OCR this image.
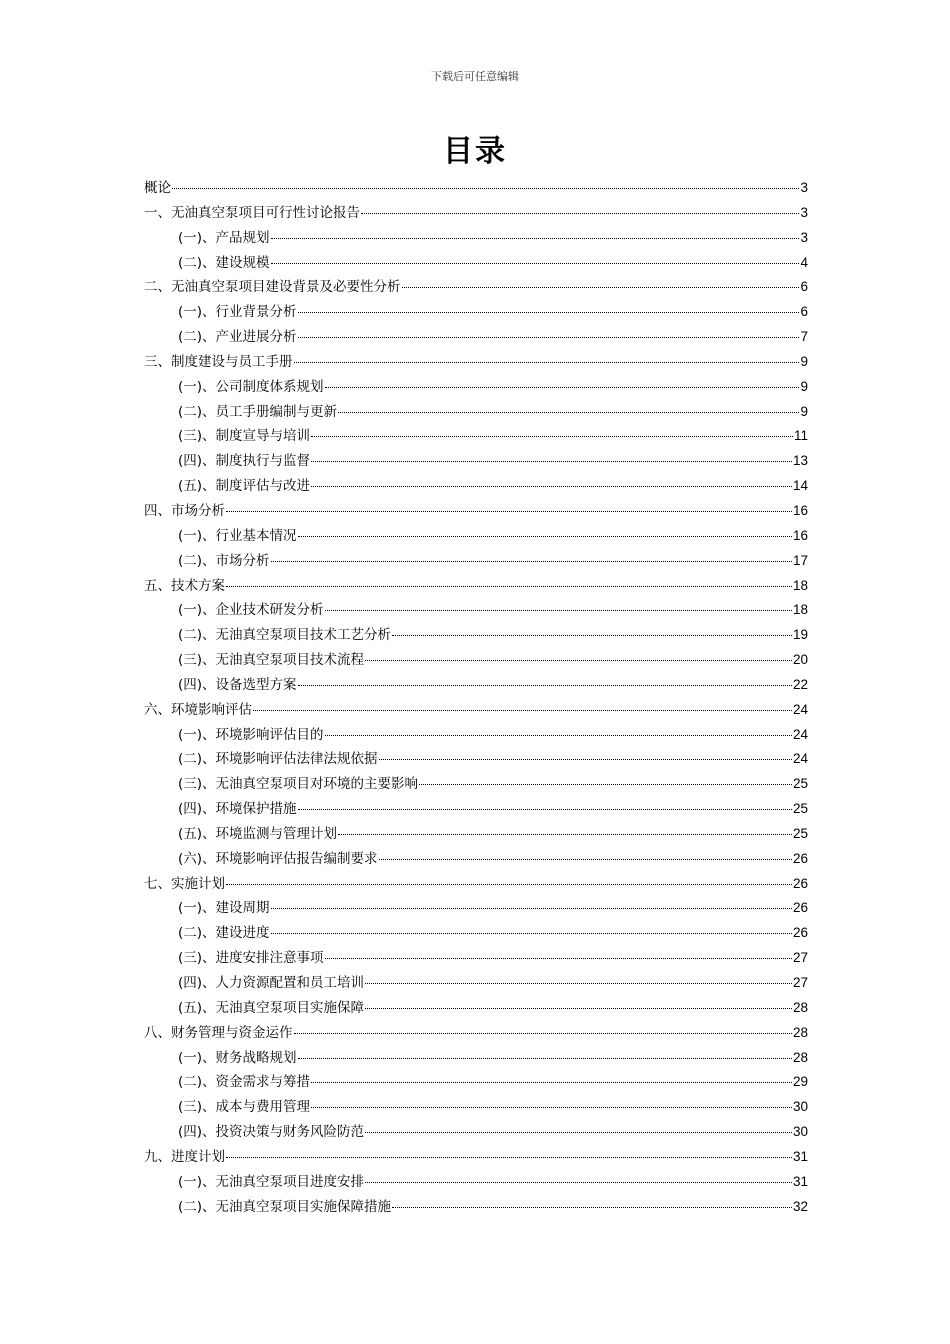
下载后可任意编辑
目录
概论	3
一、无油真空泵项目可行性讨论报告	3
(一)、产品规划	3
(二)、建设规模	4
二、无油真空泵项目建设背景及必要性分析	6
(一)、行业背景分析	6
(二)、产业进展分析	7
三、制度建设与员工手册	9
(一)、公司制度体系规划	9
(二)、员工手册编制与更新	9
(三)、制度宣导与培训	11
(四)、制度执行与监督	13
(五)、制度评估与改进	14
四、市场分析	16
(一)、行业基本情况	16
(二)、市场分析	17
五、技术方案	18
(一)、企业技术研发分析	18
(二)、无油真空泵项目技术工艺分析	19
(三)、无油真空泵项目技术流程	20
(四)、设备选型方案	22
六、环境影响评估	24
(一)、环境影响评估目的	24
(二)、环境影响评估法律法规依据	24
(三)、无油真空泵项目对环境的主要影响	25
(四)、环境保护措施	25
(五)、环境监测与管理计划	25
(六)、环境影响评估报告编制要求	26
七、实施计划	26
(一)、建设周期	26
(二)、建设进度	26
(三)、进度安排注意事项	27
(四)、人力资源配置和员工培训	27
(五)、无油真空泵项目实施保障	28
八、财务管理与资金运作	28
(一)、财务战略规划	28
(二)、资金需求与筹措	29
(三)、成本与费用管理	30
(四)、投资决策与财务风险防范	30
九、进度计划	31
(一)、无油真空泵项目进度安排	31
(二)、无油真空泵项目实施保障措施	32
